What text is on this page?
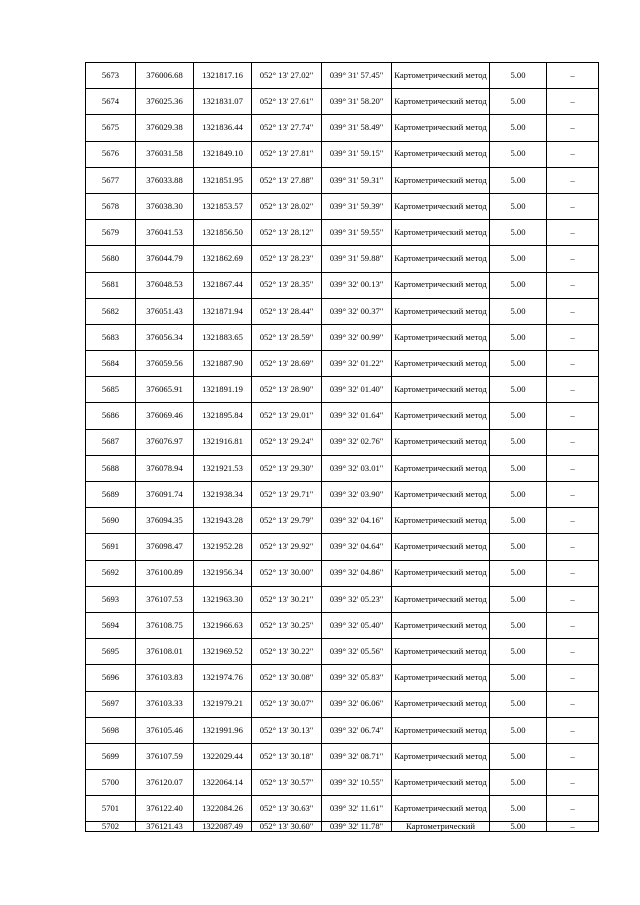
5673	376006.68	1321817.16	052° 13' 27.02"	039° 31' 57.45"	Картометрический метод	5.00	–
5674	376025.36	1321831.07	052° 13' 27.61"	039° 31' 58.20"	Картометрический метод	5.00	–
5675	376029.38	1321836.44	052° 13' 27.74"	039° 31' 58.49"	Картометрический метод	5.00	–
5676	376031.58	1321849.10	052° 13' 27.81"	039° 31' 59.15"	Картометрический метод	5.00	–
5677	376033.88	1321851.95	052° 13' 27.88"	039° 31' 59.31"	Картометрический метод	5.00	–
5678	376038.30	1321853.57	052° 13' 28.02"	039° 31' 59.39"	Картометрический метод	5.00	–
5679	376041.53	1321856.50	052° 13' 28.12"	039° 31' 59.55"	Картометрический метод	5.00	–
5680	376044.79	1321862.69	052° 13' 28.23"	039° 31' 59.88"	Картометрический метод	5.00	–
5681	376048.53	1321867.44	052° 13' 28.35"	039° 32' 00.13"	Картометрический метод	5.00	–
5682	376051.43	1321871.94	052° 13' 28.44"	039° 32' 00.37"	Картометрический метод	5.00	–
5683	376056.34	1321883.65	052° 13' 28.59"	039° 32' 00.99"	Картометрический метод	5.00	–
5684	376059.56	1321887.90	052° 13' 28.69"	039° 32' 01.22"	Картометрический метод	5.00	–
5685	376065.91	1321891.19	052° 13' 28.90"	039° 32' 01.40"	Картометрический метод	5.00	–
5686	376069.46	1321895.84	052° 13' 29.01"	039° 32' 01.64"	Картометрический метод	5.00	–
5687	376076.97	1321916.81	052° 13' 29.24"	039° 32' 02.76"	Картометрический метод	5.00	–
5688	376078.94	1321921.53	052° 13' 29.30"	039° 32' 03.01"	Картометрический метод	5.00	–
5689	376091.74	1321938.34	052° 13' 29.71"	039° 32' 03.90"	Картометрический метод	5.00	–
5690	376094.35	1321943.28	052° 13' 29.79"	039° 32' 04.16"	Картометрический метод	5.00	–
5691	376098.47	1321952.28	052° 13' 29.92"	039° 32' 04.64"	Картометрический метод	5.00	–
5692	376100.89	1321956.34	052° 13' 30.00"	039° 32' 04.86"	Картометрический метод	5.00	–
5693	376107.53	1321963.30	052° 13' 30.21"	039° 32' 05.23"	Картометрический метод	5.00	–
5694	376108.75	1321966.63	052° 13' 30.25"	039° 32' 05.40"	Картометрический метод	5.00	–
5695	376108.01	1321969.52	052° 13' 30.22"	039° 32' 05.56"	Картометрический метод	5.00	–
5696	376103.83	1321974.76	052° 13' 30.08"	039° 32' 05.83"	Картометрический метод	5.00	–
5697	376103.33	1321979.21	052° 13' 30.07"	039° 32' 06.06"	Картометрический метод	5.00	–
5698	376105.46	1321991.96	052° 13' 30.13"	039° 32' 06.74"	Картометрический метод	5.00	–
5699	376107.59	1322029.44	052° 13' 30.18"	039° 32' 08.71"	Картометрический метод	5.00	–
5700	376120.07	1322064.14	052° 13' 30.57"	039° 32' 10.55"	Картометрический метод	5.00	–
5701	376122.40	1322084.26	052° 13' 30.63"	039° 32' 11.61"	Картометрический метод	5.00	–
5702	376121.43	1322087.49	052° 13' 30.60"	039° 32' 11.78"	Картометрический	5.00	–
